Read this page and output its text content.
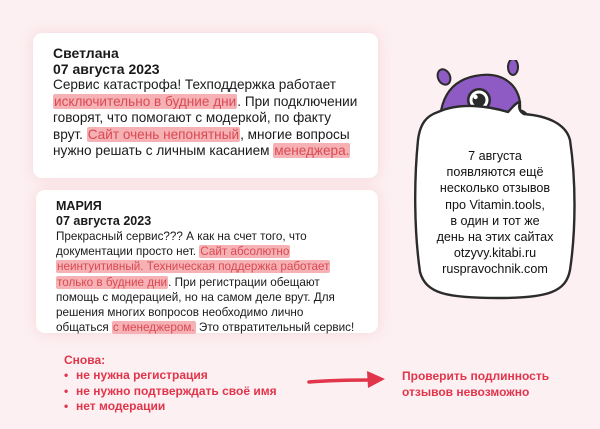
Светлана
07 августа 2023
Сервис катастрофа! Техподдержка работает исключительно в будние дни. При подключении говорят, что помогают с модеркой, по факту врут. Сайт очень непонятный, многие вопросы нужно решать с личным касанием менеджера.
МАРИЯ
07 августа 2023
Прекрасный сервис??? А как на счет того, что документации просто нет. Сайт абсолютно неинтуитивный. Техническая поддержка работает только в будние дни. При регистрации обещают помощь с модерацией, но на самом деле врут. Для решения многих вопросов необходимо лично общаться с менеджером. Это отвратительный сервис!
7 августа
появляются ещё
несколько отзывов
про Vitamin.tools,
в один и тот же
день на этих сайтах
otzyvy.kitabi.ru
ruspravochnik.com
Снова:
• не нужна регистрация
• не нужно подтверждать своё имя
• нет модерации
Проверить подлинность
отзывов невозможно
